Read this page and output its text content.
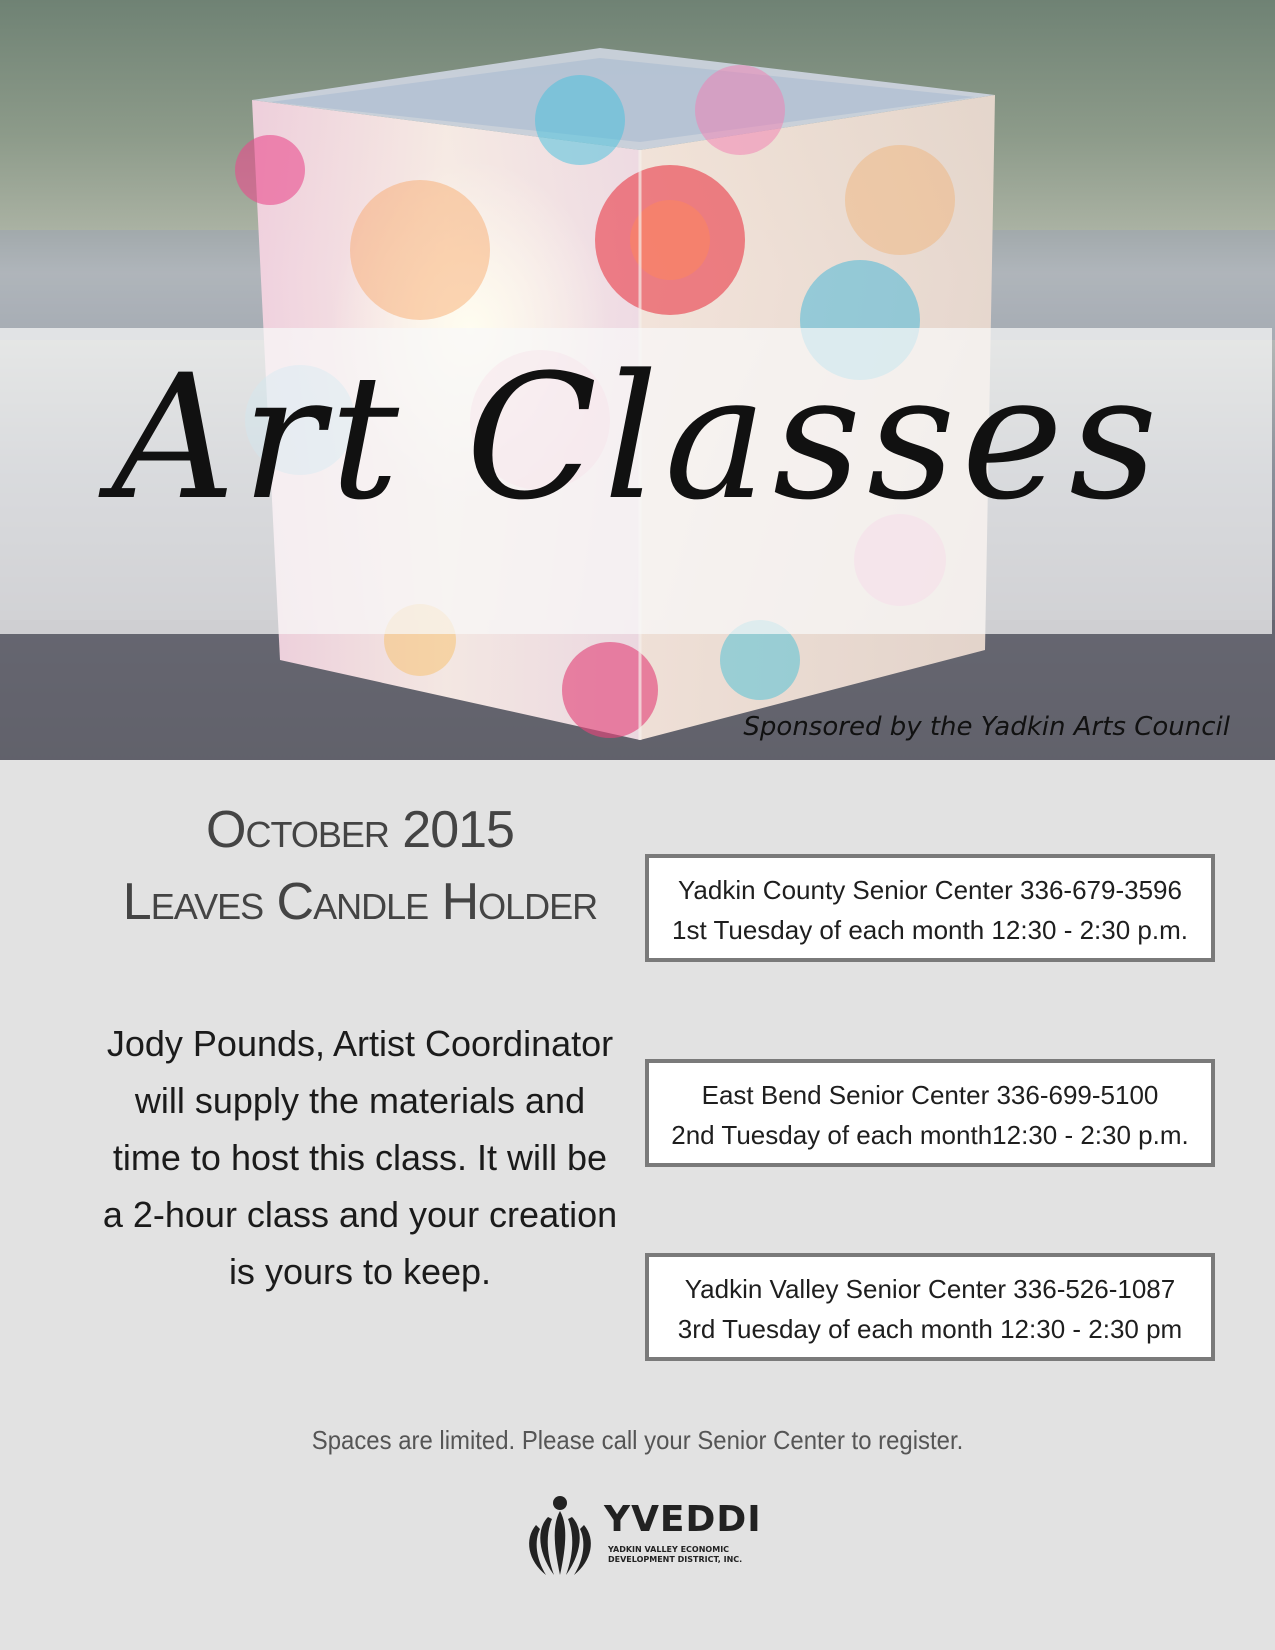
Art Classes
Sponsored by the Yadkin Arts Council
October 2015
Leaves Candle Holder
Jody Pounds, Artist Coordinator will supply the materials and time to host this class. It will be a 2-hour class and your creation is yours to keep.
Yadkin County Senior Center 336-679-3596
1st Tuesday of each month 12:30 - 2:30 p.m.
East Bend Senior Center 336-699-5100
2nd Tuesday of each month12:30 - 2:30 p.m.
Yadkin Valley Senior Center 336-526-1087
3rd Tuesday of each month 12:30 - 2:30 pm
Spaces are limited. Please call your Senior Center to register.
YVEDDI
YADKIN VALLEY ECONOMIC DEVELOPMENT DISTRICT, INC.
